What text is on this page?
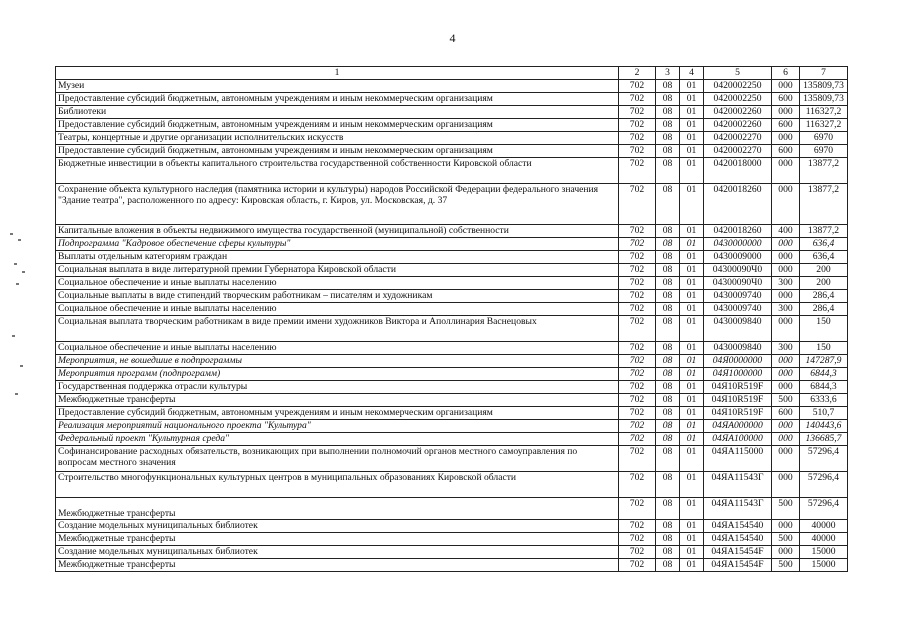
4
1	2	3	4	5	6	7
Музеи	702	08	01	0420002250	000	135809,73
Предоставление субсидий бюджетным, автономным учреждениям и иным некоммерческим организациям	702	08	01	0420002250	600	135809,73
Библиотеки	702	08	01	0420002260	000	116327,2
Предоставление субсидий бюджетным, автономным учреждениям и иным некоммерческим организациям	702	08	01	0420002260	600	116327,2
Театры, концертные и другие организации исполнительских искусств	702	08	01	0420002270	000	6970
Предоставление субсидий бюджетным, автономным учреждениям и иным некоммерческим организациям	702	08	01	0420002270	600	6970
Бюджетные инвестиции в объекты капитального строительства государственной собственности Кировской области	702	08	01	0420018000	000	13877,2
Сохранение объекта культурного наследия (памятника истории и культуры) народов Российской Федерации федерального значения "Здание театра", расположенного по адресу: Кировская область, г. Киров, ул. Московская, д. 37	702	08	01	0420018260	000	13877,2
Капитальные вложения в объекты недвижимого имущества государственной (муниципальной) собственности	702	08	01	0420018260	400	13877,2
Подпрограмма "Кадровое обеспечение сферы культуры"	702	08	01	0430000000	000	636,4
Выплаты отдельным категориям граждан	702	08	01	0430009000	000	636,4
Социальная выплата в виде литературной премии Губернатора Кировской области	702	08	01	04300090Ч0	000	200
Социальное обеспечение и иные выплаты населению	702	08	01	04300090Ч0	300	200
Социальные выплаты в виде стипендий творческим работникам – писателям и художникам	702	08	01	0430009740	000	286,4
Социальное обеспечение и иные выплаты населению	702	08	01	0430009740	300	286,4
Социальная выплата творческим работникам в виде премии имени художников Виктора и Аполлинария Васнецовых	702	08	01	0430009840	000	150
Социальное обеспечение и иные выплаты населению	702	08	01	0430009840	300	150
Мероприятия, не вошедшие в подпрограммы	702	08	01	04Я0000000	000	147287,9
Мероприятия программ (подпрограмм)	702	08	01	04Я1000000	000	6844,3
Государственная поддержка отрасли культуры	702	08	01	04Я10R519F	000	6844,3
Межбюджетные трансферты	702	08	01	04Я10R519F	500	6333,6
Предоставление субсидий бюджетным, автономным учреждениям и иным некоммерческим организациям	702	08	01	04Я10R519F	600	510,7
Реализация мероприятий национального проекта "Культура"	702	08	01	04ЯА000000	000	140443,6
Федеральный проект "Культурная среда"	702	08	01	04ЯА100000	000	136685,7
Софинансирование расходных обязательств, возникающих при выполнении полномочий органов местного самоуправления по вопросам местного значения	702	08	01	04ЯА115000	000	57296,4
Строительство многофункциональных культурных центров в муниципальных образованиях Кировской области	702	08	01	04ЯА11543Г	000	57296,4
Межбюджетные трансферты	702	08	01	04ЯА11543Г	500	57296,4
Создание модельных муниципальных библиотек	702	08	01	04ЯА154540	000	40000
Межбюджетные трансферты	702	08	01	04ЯА154540	500	40000
Создание модельных муниципальных библиотек	702	08	01	04ЯА15454F	000	15000
Межбюджетные трансферты	702	08	01	04ЯА15454F	500	15000
